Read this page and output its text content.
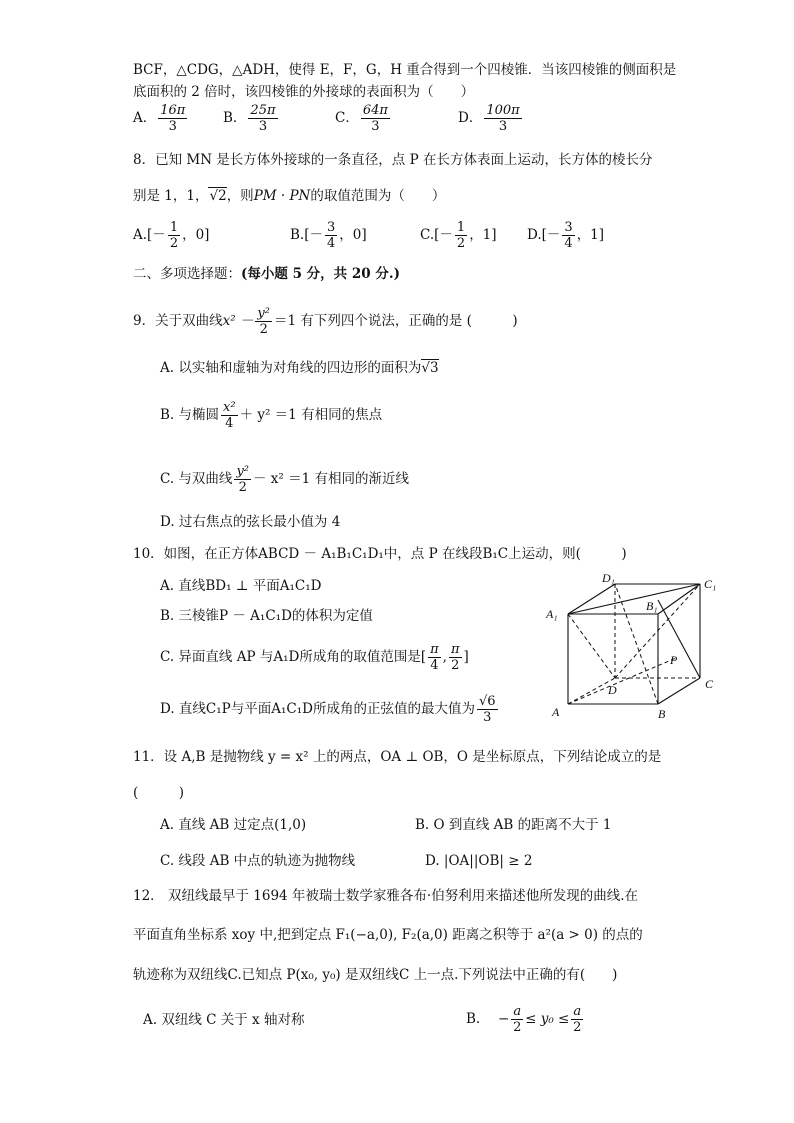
BCF，△CDG，△ADH，使得 E，F，G，H 重合得到一个四棱锥．当该四棱锥的侧面积是
底面积的 2 倍时，该四棱锥的外接球的表面积为（　　）
A． $\frac{16\pi}{3}$	B． $\frac{25\pi}{3}$	C． $\frac{64\pi}{3}$	D． $\frac{100\pi}{3}$
8．已知 MN 是长方体外接球的一条直径，点 P 在长方体表面上运动，长方体的棱长分
别是 1，1，√2，则PM · PN的取值范围为（　　）
$A.[- \frac{1}{2}$ ，0]	$B.[- \frac{3}{4}$ ，0]	$C.[- \frac{1}{2}$ ，1] $D.[- \frac{3}{4}$ ，1]
二、多项选择题：(每小题 5 分，共 20 分.)
9．关于双曲线$x^2 - \frac{\text{y²}}{2} =1$ 有下列四个说法，正确的是 (　　　)
A. 以实轴和虚轴为对角线的四边形的面积为√3
B. 与椭圆 $\frac{\text{x²}}{4} + y^2 =1$ 有相同的焦点
C. 与双曲线 $\frac{\text{y²}}{2} - x^2 =1$ 有相同的渐近线
D. 过右焦点的弦长最小值为 4
10．如图，在正方体ABCD － A₁B₁C₁D₁中，点 P 在线段B₁C上运动，则(　　　)
A. 直线BD₁ ⊥ 平面A₁C₁D
B. 三棱锥P － A₁C₁D的体积为定值
C. 异面直线 AP 与A₁D所成角的取值范围是[ $\frac{\pi}{4}$ , $\frac{\pi}{2}$ ]
D. 直线C₁P与平面A₁C₁D所成角的正弦值的最大值为 $\frac{√6}{3}$
D₁	C₁
B₁
A₁
P
D	C
A	B
11．设 A,B 是抛物线 y = x² 上的两点，OA ⊥ OB，O 是坐标原点，下列结论成立的是
(　　　)
A. 直线 AB 过定点(1,0)	B. O 到直线 AB 的距离不大于 1
C. 线段 AB 中点的轨迹为抛物线	D. |OA||OB| ≥ 2
12． 双纽线最早于 1694 年被瑞士数学家雅各布·伯努利用来描述他所发现的曲线.在
平面直角坐标系 xoy 中,把到定点 F₁(−a,0), F₂(a,0) 距离之积等于 a²(a > 0) 的点的
轨迹称为双纽线C.已知点 P(x₀, y₀) 是双纽线C 上一点.下列说法中正确的有(　　)
A. 双纽线 C 关于 x 轴对称	B.　 − $\frac{a}{2} \le y_0 \le \frac{a}{2}$
